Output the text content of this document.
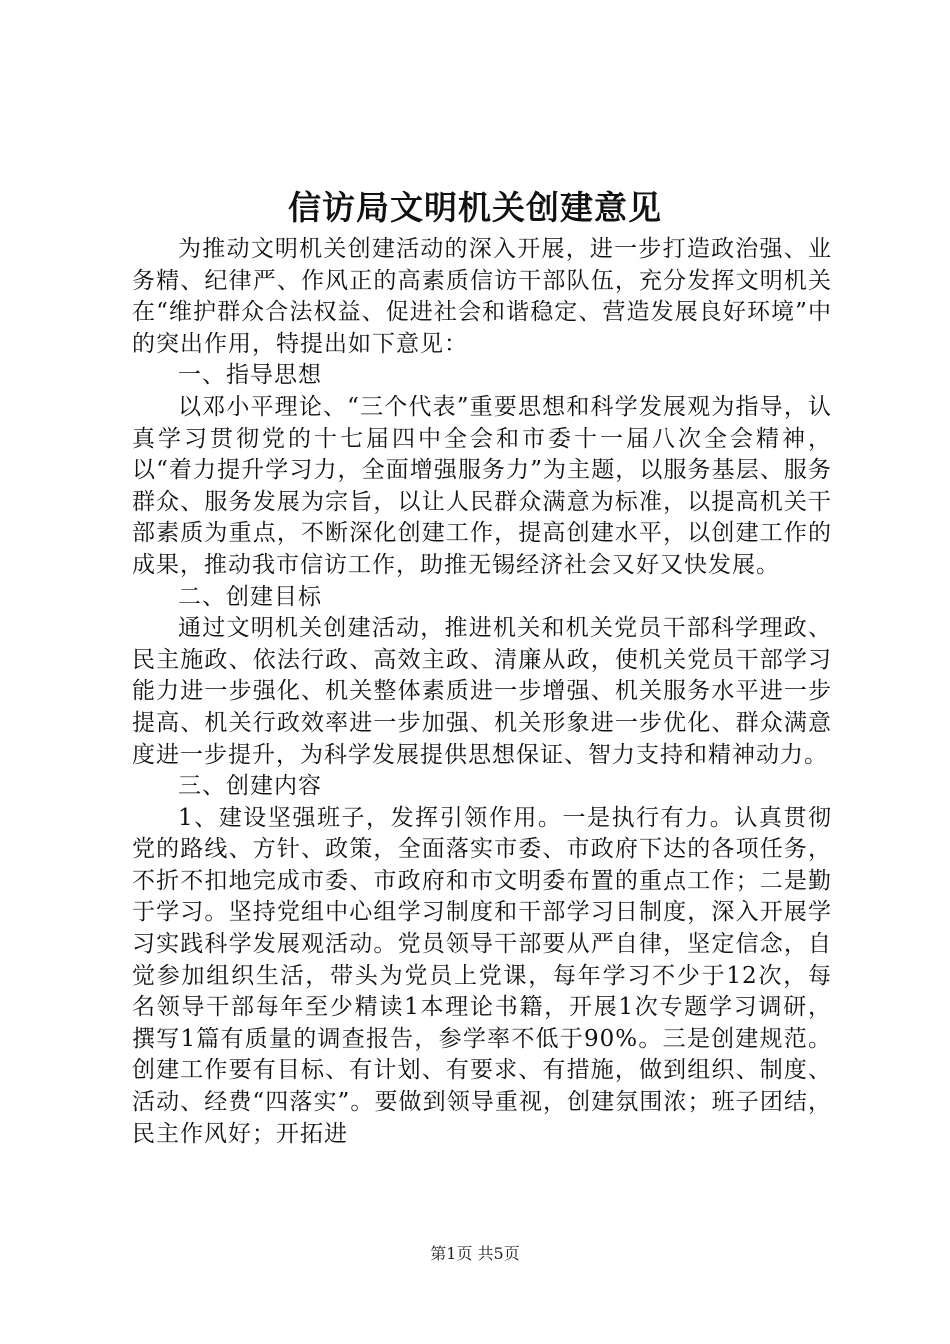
信访局文明机关创建意见

为推动文明机关创建活动的深入开展，进一步打造政治强、业务精、纪律严、作风正的高素质信访干部队伍，充分发挥文明机关在“维护群众合法权益、促进社会和谐稳定、营造发展良好环境”中的突出作用，特提出如下意见：

一、指导思想

以邓小平理论、“三个代表”重要思想和科学发展观为指导，认真学习贯彻党的十七届四中全会和市委十一届八次全会精神，以“着力提升学习力，全面增强服务力”为主题，以服务基层、服务群众、服务发展为宗旨，以让人民群众满意为标准，以提高机关干部素质为重点，不断深化创建工作，提高创建水平，以创建工作的成果，推动我市信访工作，助推无锡经济社会又好又快发展。

二、创建目标

通过文明机关创建活动，推进机关和机关党员干部科学理政、民主施政、依法行政、高效主政、清廉从政，使机关党员干部学习能力进一步强化、机关整体素质进一步增强、机关服务水平进一步提高、机关行政效率进一步加强、机关形象进一步优化、群众满意度进一步提升，为科学发展提供思想保证、智力支持和精神动力。

三、创建内容

1、建设坚强班子，发挥引领作用。一是执行有力。认真贯彻党的路线、方针、政策，全面落实市委、市政府下达的各项任务，不折不扣地完成市委、市政府和市文明委布置的重点工作；二是勤于学习。坚持党组中心组学习制度和干部学习日制度，深入开展学习实践科学发展观活动。党员领导干部要从严自律，坚定信念，自觉参加组织生活，带头为党员上党课，每年学习不少于12次，每名领导干部每年至少精读1本理论书籍，开展1次专题学习调研，撰写1篇有质量的调查报告，参学率不低于90%。三是创建规范。创建工作要有目标、有计划、有要求、有措施，做到组织、制度、活动、经费“四落实”。要做到领导重视，创建氛围浓；班子团结，民主作风好；开拓进

第1页 共5页
